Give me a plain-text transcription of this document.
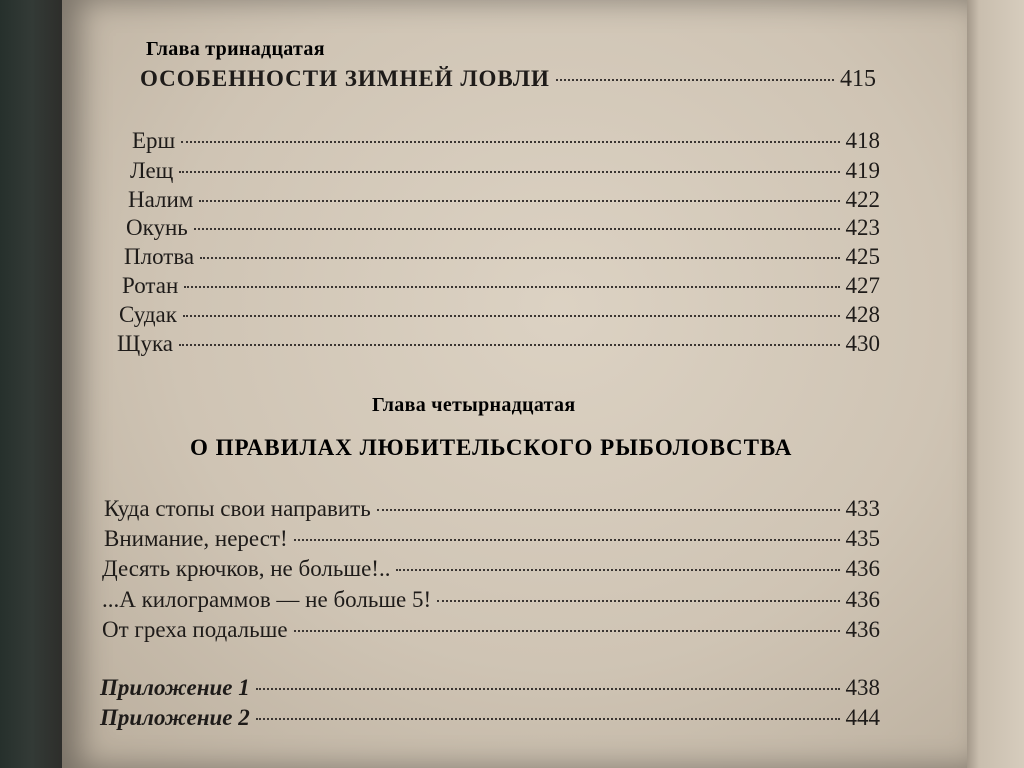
Глава тринадцатая
ОСОБЕННОСТИ ЗИМНЕЙ ЛОВЛИ	415
Ерш	418
Лещ	419
Налим	422
Окунь	423
Плотва	425
Ротан	427
Судак	428
Щука	430
Глава четырнадцатая
О ПРАВИЛАХ ЛЮБИТЕЛЬСКОГО РЫБОЛОВСТВА
Куда стопы свои направить	433
Внимание, нерест!	435
Десять крючков, не больше!..	436
...А килограммов — не больше 5!	436
От греха подальше	436
Приложение 1	438
Приложение 2	444
